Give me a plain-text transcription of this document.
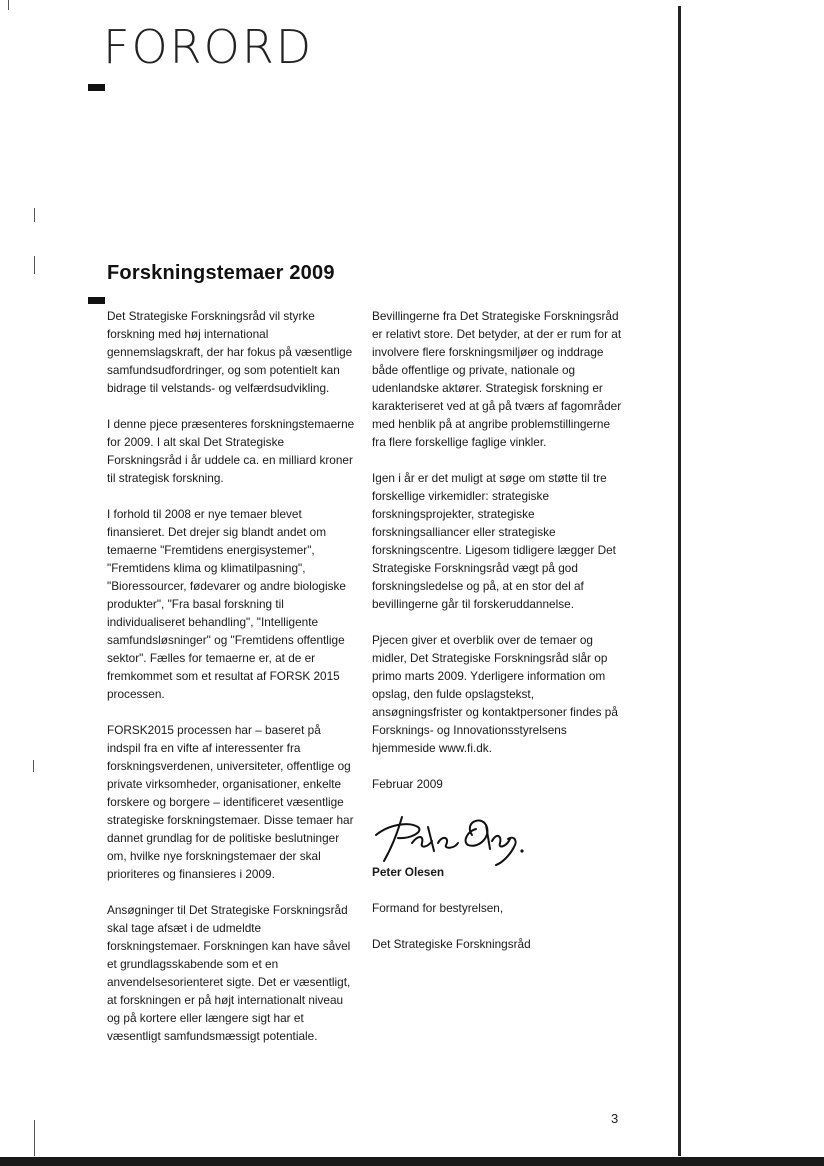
FORORD
Forskningstemaer 2009

Det Strategiske Forskningsråd vil styrke forskning med høj international gennemslagskraft, der har fokus på væsentlige samfundsudfordringer, og som potentielt kan bidrage til velstands- og velfærdsudvikling.

I denne pjece præsenteres forskningstemaerne for 2009. I alt skal Det Strategiske Forskningsråd i år uddele ca. en milliard kroner til strategisk forskning.

I forhold til 2008 er nye temaer blevet finansieret. Det drejer sig blandt andet om temaerne "Fremtidens energisystemer", "Fremtidens klima og klimatilpasning", "Bioressourcer, fødevarer og andre biologiske produkter", "Fra basal forskning til individualiseret behandling", "Intelligente samfundsløsninger" og "Fremtidens offentlige sektor". Fælles for temaerne er, at de er fremkommet som et resultat af FORSK 2015 processen.

FORSK2015 processen har – baseret på indspil fra en vifte af interessenter fra forskningsverdenen, universiteter, offentlige og private virksomheder, organisationer, enkelte forskere og borgere – identificeret væsentlige strategiske forskningstemaer. Disse temaer har dannet grundlag for de politiske beslutninger om, hvilke nye forskningstemaer der skal prioriteres og finansieres i 2009.

Ansøgninger til Det Strategiske Forskningsråd skal tage afsæt i de udmeldte forskningstemaer. Forskningen kan have såvel et grundlagsskabende som et en anvendelsesorienteret sigte. Det er væsentligt, at forskningen er på højt internationalt niveau og på kortere eller længere sigt har et væsentligt samfundsmæssigt potentiale.

Bevillingerne fra Det Strategiske Forskningsråd er relativt store. Det betyder, at der er rum for at involvere flere forskningsmiljøer og inddrage både offentlige og private, nationale og udenlandske aktører. Strategisk forskning er karakteriseret ved at gå på tværs af fagområder med henblik på at angribe problemstillingerne fra flere forskellige faglige vinkler.

Igen i år er det muligt at søge om støtte til tre forskellige virkemidler: strategiske forskningsprojekter, strategiske forskningsalliancer eller strategiske forskningscentre. Ligesom tidligere lægger Det Strategiske Forskningsråd vægt på god forskningsledelse og på, at en stor del af bevillingerne går til forskeruddannelse.

Pjecen giver et overblik over de temaer og midler, Det Strategiske Forskningsråd slår op primo marts 2009. Yderligere information om opslag, den fulde opslagstekst, ansøgningsfrister og kontaktpersoner findes på Forsknings- og Innovationsstyrelsens hjemmeside www.fi.dk.

Februar 2009

Peter Olesen

Peter Olesen

Formand for bestyrelsen,

Det Strategiske Forskningsråd

3
